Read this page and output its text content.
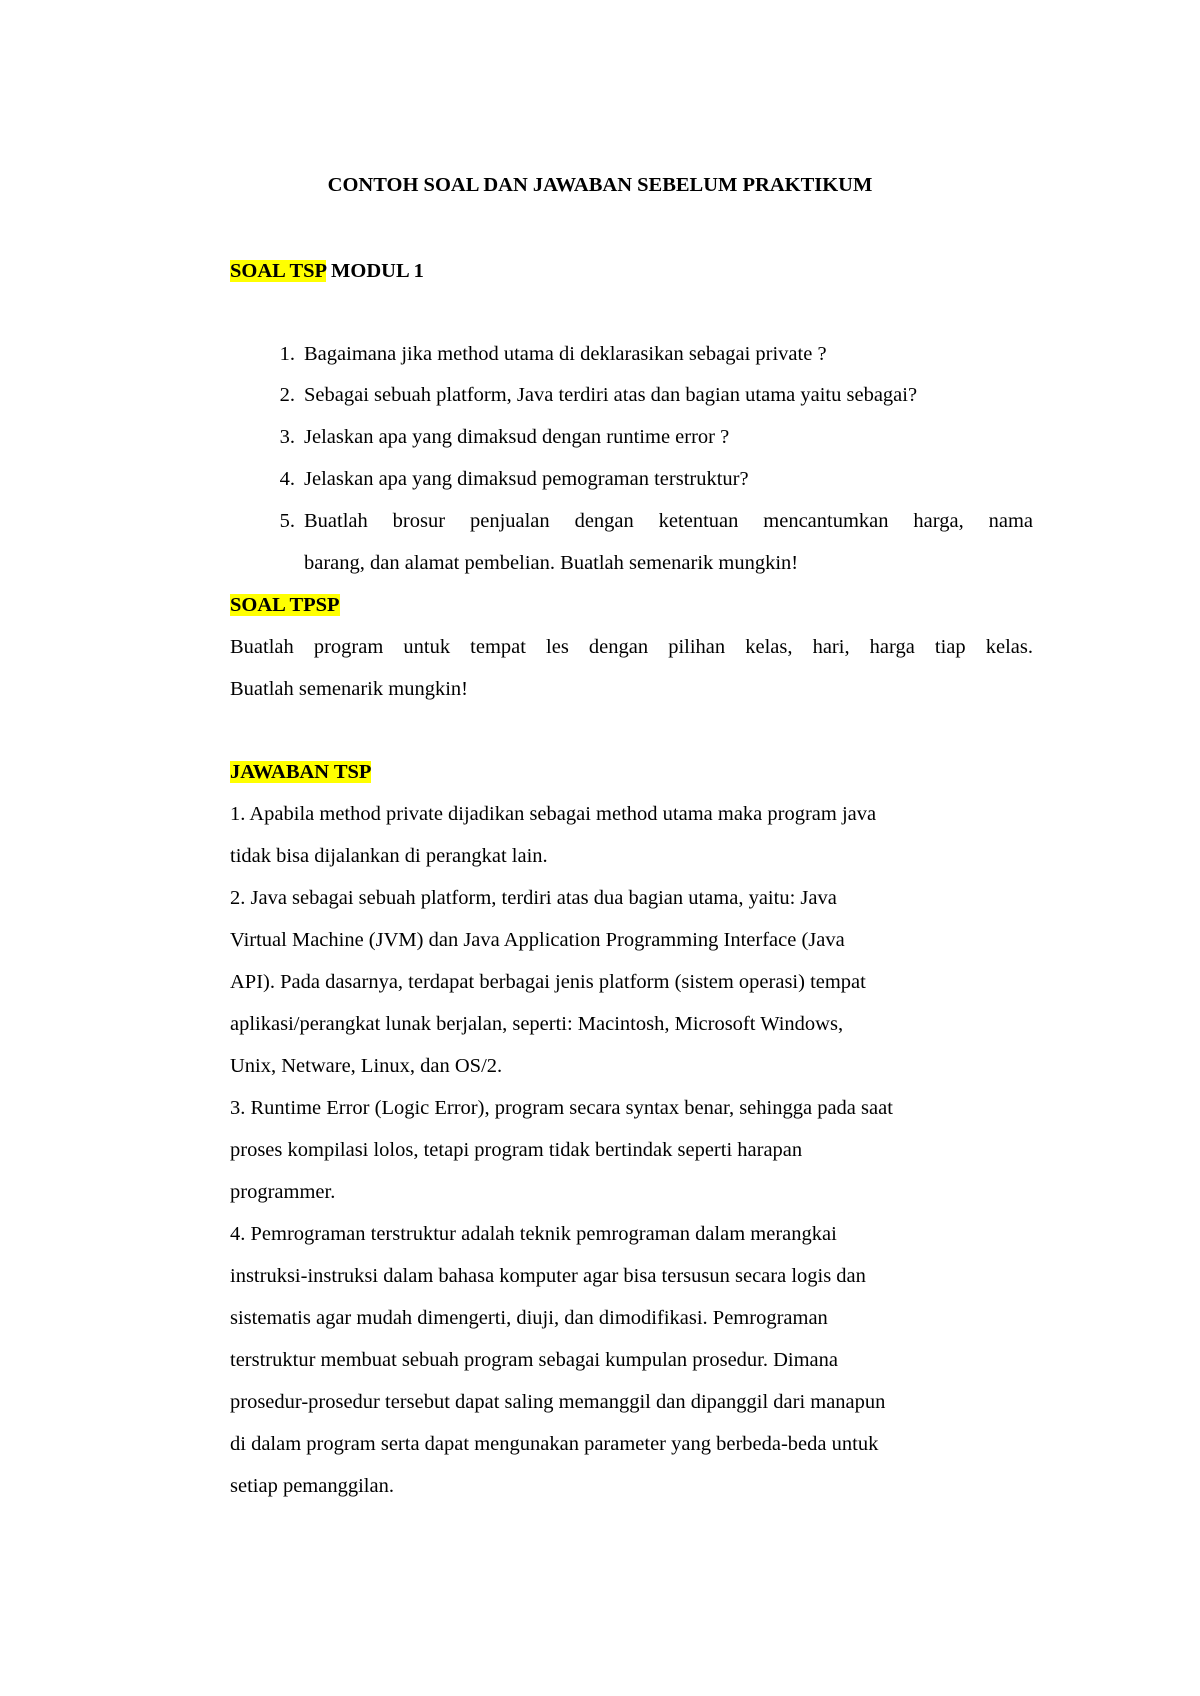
CONTOH SOAL DAN JAWABAN SEBELUM PRAKTIKUM

SOAL TSP MODUL 1

1. Bagaimana jika method utama di deklarasikan sebagai private ?

2. Sebagai sebuah platform, Java terdiri atas dan bagian utama yaitu sebagai?

3. Jelaskan apa yang dimaksud dengan runtime error ?

4. Jelaskan apa yang dimaksud pemograman terstruktur?

5. Buatlah brosur penjualan dengan ketentuan mencantumkan harga, nama

barang, dan alamat pembelian. Buatlah semenarik mungkin!

SOAL TPSP

Buatlah program untuk tempat les dengan pilihan kelas, hari, harga tiap kelas.

Buatlah semenarik mungkin!

JAWABAN TSP

1. Apabila method private dijadikan sebagai method utama maka program java

tidak bisa dijalankan di perangkat lain.

2. Java sebagai sebuah platform, terdiri atas dua bagian utama, yaitu: Java

Virtual Machine (JVM) dan Java Application Programming Interface (Java

API). Pada dasarnya, terdapat berbagai jenis platform (sistem operasi) tempat

aplikasi/perangkat lunak berjalan, seperti: Macintosh, Microsoft Windows,

Unix, Netware, Linux, dan OS/2.

3. Runtime Error (Logic Error), program secara syntax benar, sehingga pada saat

proses kompilasi lolos, tetapi program tidak bertindak seperti harapan

programmer.

4. Pemrograman terstruktur adalah teknik pemrograman dalam merangkai

instruksi-instruksi dalam bahasa komputer agar bisa tersusun secara logis dan

sistematis agar mudah dimengerti, diuji, dan dimodifikasi. Pemrograman

terstruktur membuat sebuah program sebagai kumpulan prosedur. Dimana

prosedur-prosedur tersebut dapat saling memanggil dan dipanggil dari manapun

di dalam program serta dapat mengunakan parameter yang berbeda-beda untuk

setiap pemanggilan.
